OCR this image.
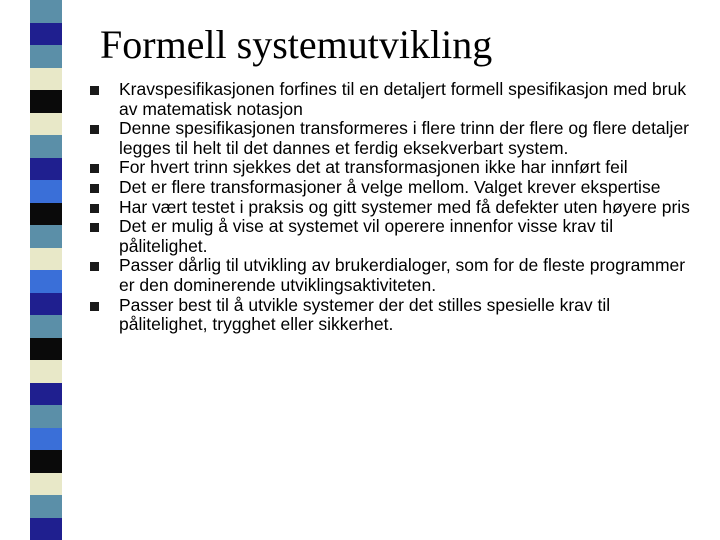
Formell systemutvikling
Kravspesifikasjonen forfines til en detaljert formell spesifikasjon med bruk av matematisk notasjon
Denne spesifikasjonen transformeres i flere trinn der flere og flere detaljer legges til helt til det dannes et ferdig eksekverbart system.
For hvert trinn sjekkes det at transformasjonen ikke har innført feil
Det er flere transformasjoner å velge mellom. Valget krever ekspertise
Har vært testet i praksis og gitt systemer med få defekter uten høyere pris
Det er mulig å vise at systemet vil operere innenfor visse krav til pålitelighet.
Passer dårlig til utvikling av brukerdialoger, som for de fleste programmer er den dominerende utviklingsaktiviteten.
Passer best til å utvikle systemer der det stilles spesielle krav til pålitelighet, trygghet eller sikkerhet.
